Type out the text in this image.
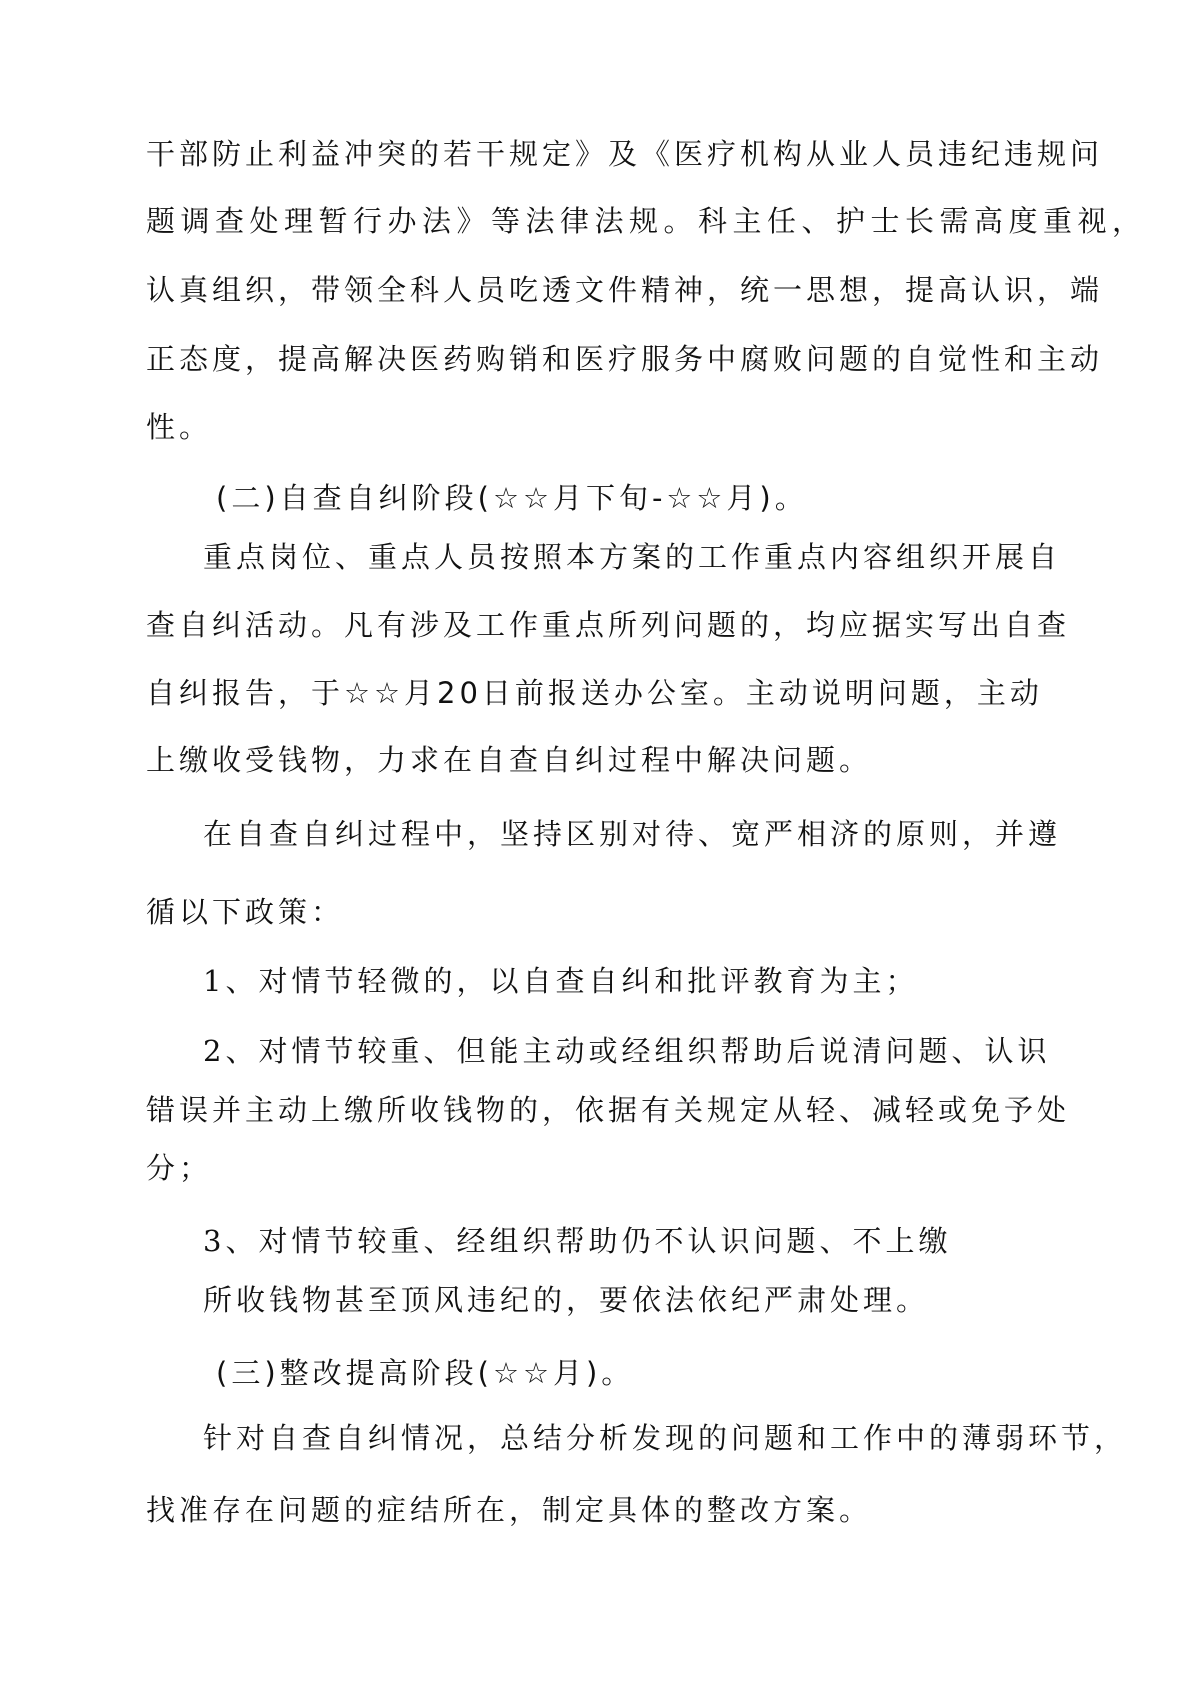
干部防止利益冲突的若干规定》及《医疗机构从业人员违纪违规问

题调查处理暂行办法》等法律法规。科主任、护士长需高度重视，

认真组织，带领全科人员吃透文件精神，统一思想，提高认识，端

正态度，提高解决医药购销和医疗服务中腐败问题的自觉性和主动

性。

(二)自查自纠阶段(☆☆月下旬-☆☆月)。

重点岗位、重点人员按照本方案的工作重点内容组织开展自

查自纠活动。凡有涉及工作重点所列问题的，均应据实写出自查

自纠报告，于☆☆月20日前报送办公室。主动说明问题，主动

上缴收受钱物，力求在自查自纠过程中解决问题。

在自查自纠过程中，坚持区别对待、宽严相济的原则，并遵

循以下政策：

1、对情节轻微的，以自查自纠和批评教育为主；

2、对情节较重、但能主动或经组织帮助后说清问题、认识

错误并主动上缴所收钱物的，依据有关规定从轻、减轻或免予处

分；

3、对情节较重、经组织帮助仍不认识问题、不上缴

所收钱物甚至顶风违纪的，要依法依纪严肃处理。

(三)整改提高阶段(☆☆月)。

针对自查自纠情况，总结分析发现的问题和工作中的薄弱环节，

找准存在问题的症结所在，制定具体的整改方案。
